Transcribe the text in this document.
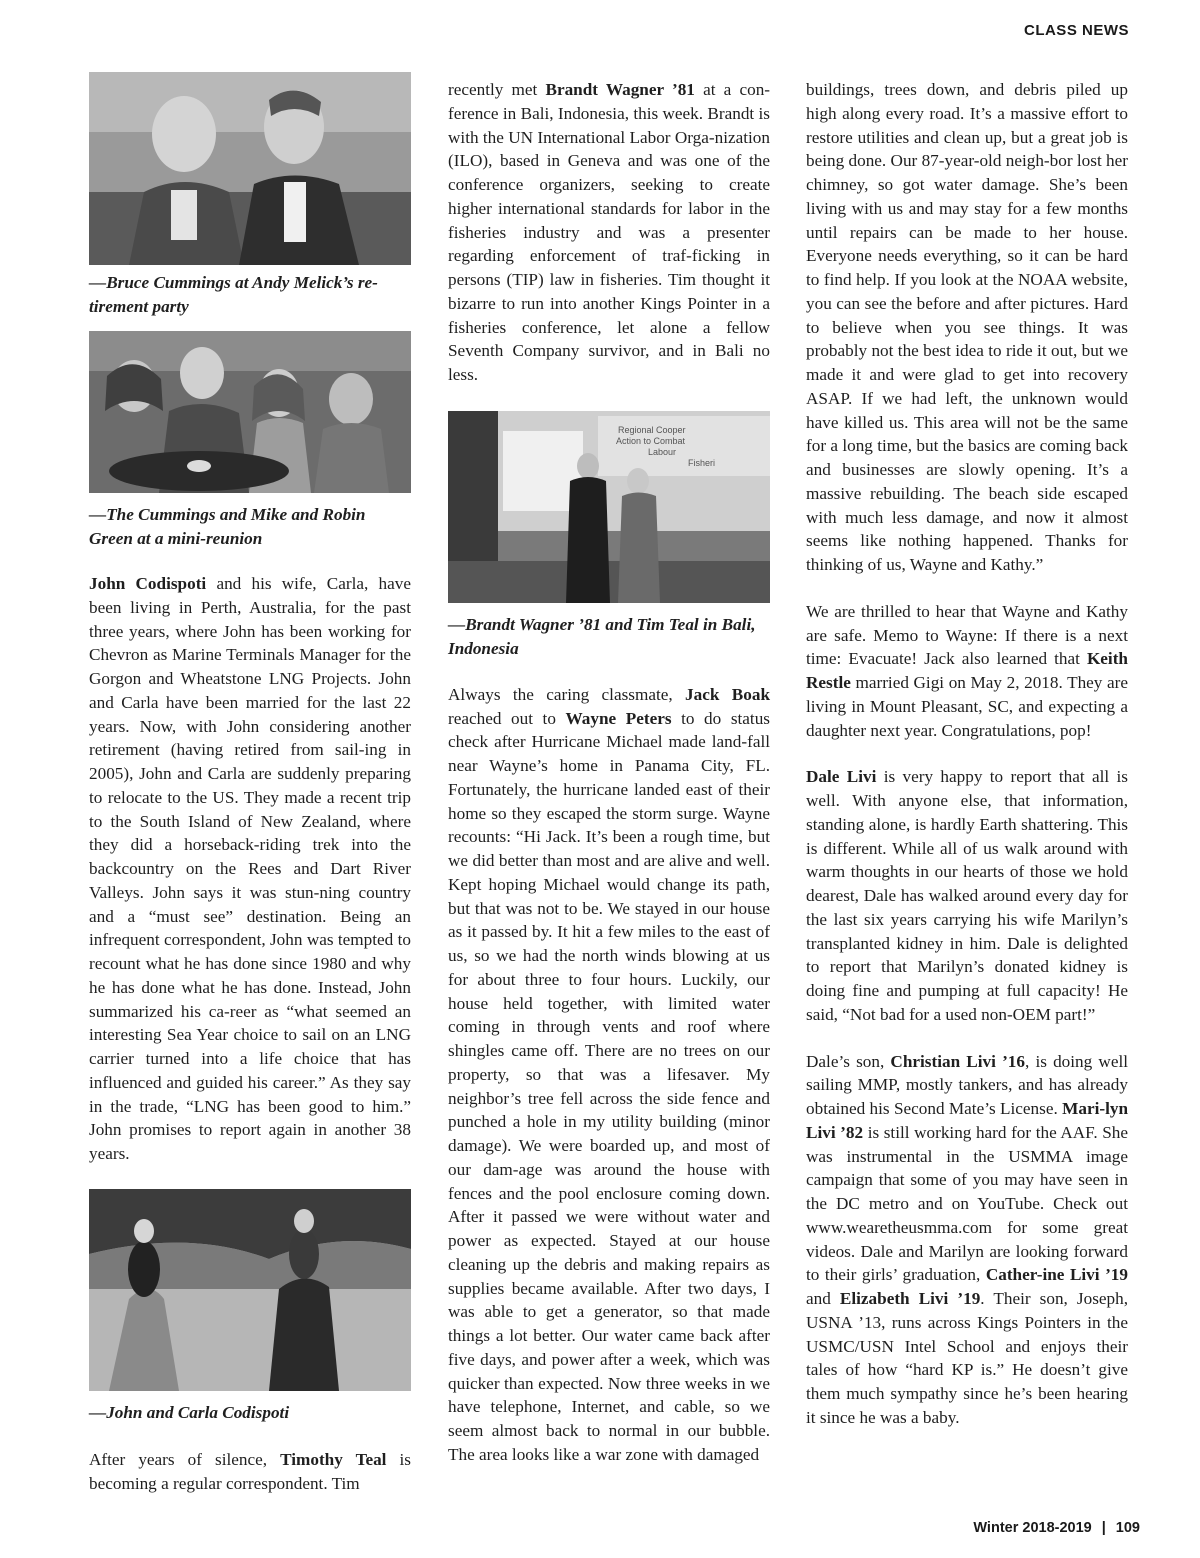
CLASS NEWS

—Bruce Cummings at Andy Melick’s re-tirement party

—The Cummings and Mike and Robin Green at a mini-reunion

John Codispoti and his wife, Carla, have been living in Perth, Australia, for the past three years, where John has been working for Chevron as Marine Terminals Manager for the Gorgon and Wheatstone LNG Projects. John and Carla have been married for the last 22 years. Now, with John considering another retirement (having retired from sail-ing in 2005), John and Carla are suddenly preparing to relocate to the US. They made a recent trip to the South Island of New Zealand, where they did a horseback-riding trek into the backcountry on the Rees and Dart River Valleys. John says it was stun-ning country and a “must see” destination. Being an infrequent correspondent, John was tempted to recount what he has done since 1980 and why he has done what he has done. Instead, John summarized his ca-reer as “what seemed an interesting Sea Year choice to sail on an LNG carrier turned into a life choice that has influenced and guided his career.” As they say in the trade, “LNG has been good to him.” John promises to report again in another 38 years.

—John and Carla Codispoti

After years of silence, Timothy Teal is becoming a regular correspondent. Tim

recently met Brandt Wagner ’81 at a con-ference in Bali, Indonesia, this week. Brandt is with the UN International Labor Orga-nization (ILO), based in Geneva and was one of the conference organizers, seeking to create higher international standards for labor in the fisheries industry and was a presenter regarding enforcement of traf-ficking in persons (TIP) law in fisheries. Tim thought it bizarre to run into another Kings Pointer in a fisheries conference, let alone a fellow Seventh Company survivor, and in Bali no less.

Regional Cooper
Action to Combat
Labour
Fisheri

—Brandt Wagner ’81 and Tim Teal in Bali, Indonesia

Always the caring classmate, Jack Boak reached out to Wayne Peters to do status check after Hurricane Michael made land-fall near Wayne’s home in Panama City, FL. Fortunately, the hurricane landed east of their home so they escaped the storm surge. Wayne recounts: “Hi Jack. It’s been a rough time, but we did better than most and are alive and well. Kept hoping Michael would change its path, but that was not to be. We stayed in our house as it passed by. It hit a few miles to the east of us, so we had the north winds blowing at us for about three to four hours. Luckily, our house held together, with limited water coming in through vents and roof where shingles came off. There are no trees on our property, so that was a lifesaver. My neighbor’s tree fell across the side fence and punched a hole in my utility building (minor damage). We were boarded up, and most of our dam-age was around the house with fences and the pool enclosure coming down. After it passed we were without water and power as expected. Stayed at our house cleaning up the debris and making repairs as supplies became available. After two days, I was able to get a generator, so that made things a lot better. Our water came back after five days, and power after a week, which was quicker than expected. Now three weeks in we have telephone, Internet, and cable, so we seem almost back to normal in our bubble. The area looks like a war zone with damaged

buildings, trees down, and debris piled up high along every road. It’s a massive effort to restore utilities and clean up, but a great job is being done. Our 87-year-old neigh-bor lost her chimney, so got water damage. She’s been living with us and may stay for a few months until repairs can be made to her house. Everyone needs everything, so it can be hard to find help. If you look at the NOAA website, you can see the before and after pictures. Hard to believe when you see things. It was probably not the best idea to ride it out, but we made it and were glad to get into recovery ASAP. If we had left, the unknown would have killed us. This area will not be the same for a long time, but the basics are coming back and businesses are slowly opening. It’s a massive rebuilding. The beach side escaped with much less damage, and now it almost seems like nothing happened. Thanks for thinking of us, Wayne and Kathy.”

We are thrilled to hear that Wayne and Kathy are safe. Memo to Wayne: If there is a next time: Evacuate! Jack also learned that Keith Restle married Gigi on May 2, 2018. They are living in Mount Pleasant, SC, and expecting a daughter next year. Congratulations, pop!

Dale Livi is very happy to report that all is well. With anyone else, that information, standing alone, is hardly Earth shattering. This is different. While all of us walk around with warm thoughts in our hearts of those we hold dearest, Dale has walked around every day for the last six years carrying his wife Marilyn’s transplanted kidney in him. Dale is delighted to report that Marilyn’s donated kidney is doing fine and pumping at full capacity! He said, “Not bad for a used non-OEM part!”

Dale’s son, Christian Livi ’16, is doing well sailing MMP, mostly tankers, and has already obtained his Second Mate’s License. Mari-lyn Livi ’82 is still working hard for the AAF. She was instrumental in the USMMA image campaign that some of you may have seen in the DC metro and on YouTube. Check out www.wearetheusmma.com for some great videos. Dale and Marilyn are looking forward to their girls’ graduation, Cather-ine Livi ’19 and Elizabeth Livi ’19. Their son, Joseph, USNA ’13, runs across Kings Pointers in the USMC/USN Intel School and enjoys their tales of how “hard KP is.” He doesn’t give them much sympathy since he’s been hearing it since he was a baby.

Winter 2018-2019 | 109
